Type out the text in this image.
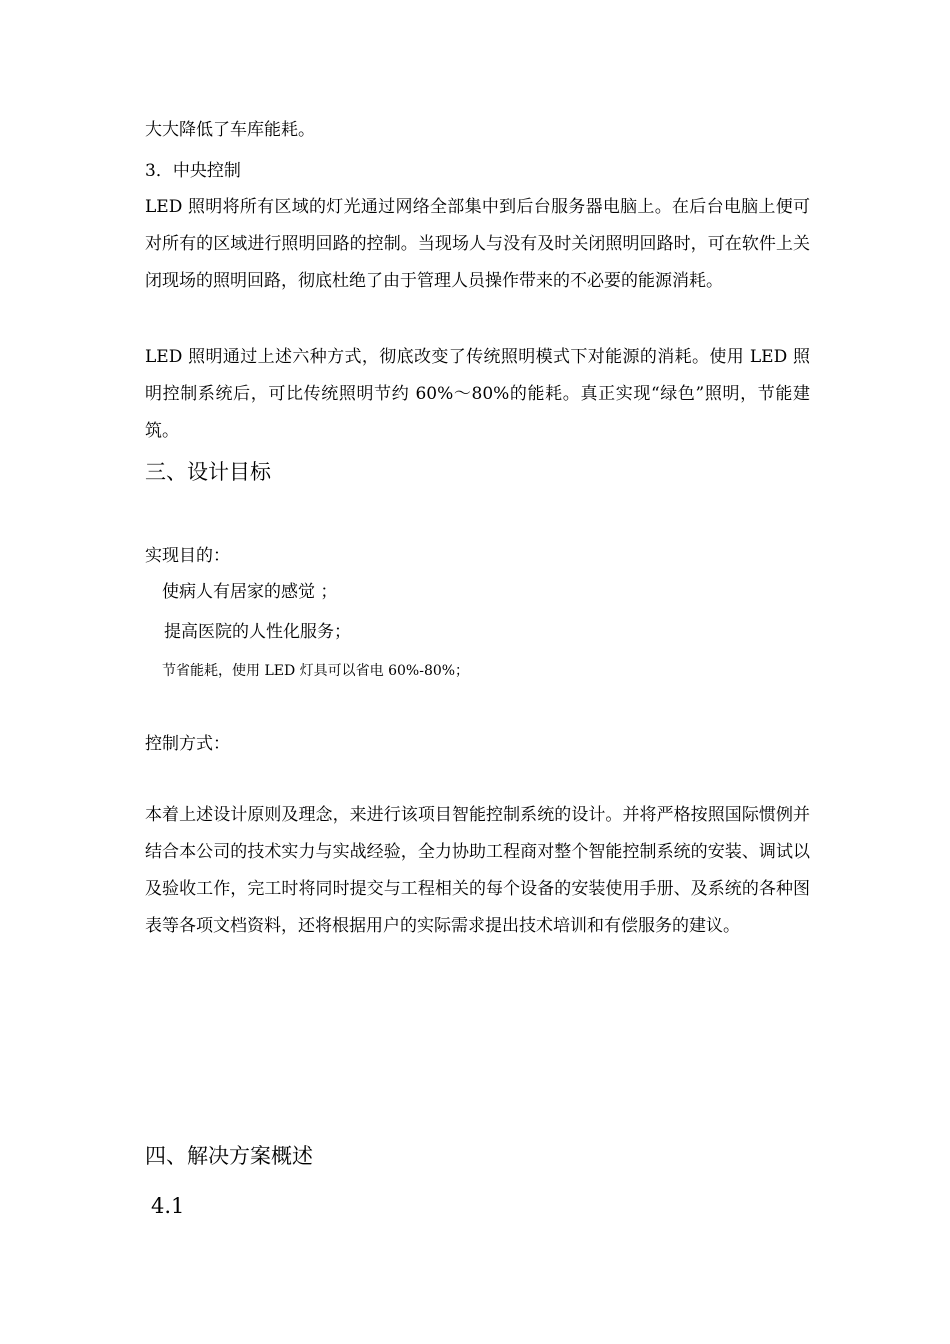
大大降低了车库能耗。

3．中央控制

LED 照明将所有区域的灯光通过网络全部集中到后台服务器电脑上。在后台电脑上便可对所有的区域进行照明回路的控制。当现场人与没有及时关闭照明回路时，可在软件上关闭现场的照明回路，彻底杜绝了由于管理人员操作带来的不必要的能源消耗。

LED 照明通过上述六种方式，彻底改变了传统照明模式下对能源的消耗。使用 LED 照明控制系统后，可比传统照明节约 60%～80%的能耗。真正实现“绿色”照明，节能建筑。

三、设计目标

实现目的：

使病人有居家的感觉 ；

提高医院的人性化服务；

节省能耗，使用 LED 灯具可以省电 60%-80%；

控制方式：

本着上述设计原则及理念，来进行该项目智能控制系统的设计。并将严格按照国际惯例并结合本公司的技术实力与实战经验，全力协助工程商对整个智能控制系统的安装、调试以及验收工作，完工时将同时提交与工程相关的每个设备的安装使用手册、及系统的各种图表等各项文档资料，还将根据用户的实际需求提出技术培训和有偿服务的建议。

四、解决方案概述

4.1
